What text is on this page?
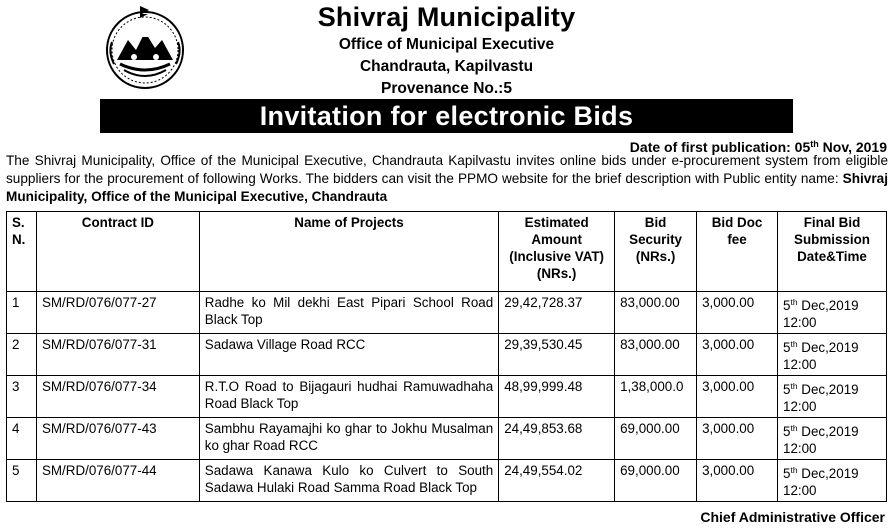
Shivraj Municipality
Office of Municipal Executive
Chandrauta, Kapilvastu
Provenance No.:5
Invitation for electronic Bids
Date of first publication: 05th Nov, 2019
The Shivraj Municipality, Office of the Municipal Executive, Chandrauta Kapilvastu invites online bids under e-procurement system from eligible suppliers for the procurement of following Works. The bidders can visit the PPMO website for the brief description with Public entity name: Shivraj Municipality, Office of the Municipal Executive, Chandrauta
S. N.	Contract ID	Name of Projects	Estimated Amount (Inclusive VAT) (NRs.)	Bid Security (NRs.)	Bid Doc fee	Final Bid Submission Date&Time
1	SM/RD/076/077-27	Radhe ko Mil dekhi East Pipari School Road Black Top	29,42,728.37	83,000.00	3,000.00	5th Dec,2019
12:00
2	SM/RD/076/077-31	Sadawa Village Road RCC	29,39,530.45	83,000.00	3,000.00	5th Dec,2019
12:00
3	SM/RD/076/077-34	R.T.O Road to Bijagauri hudhai Ramuwadhaha Road Black Top	48,99,999.48	1,38,000.0	3,000.00	5th Dec,2019
12:00
4	SM/RD/076/077-43	Sambhu Rayamajhi ko ghar to Jokhu Musalman ko ghar Road RCC	24,49,853.68	69,000.00	3,000.00	5th Dec,2019
12:00
5	SM/RD/076/077-44	Sadawa Kanawa Kulo ko Culvert to South Sadawa Hulaki Road Samma Road Black Top	24,49,554.02	69,000.00	3,000.00	5th Dec,2019
12:00
Chief Administrative Officer
